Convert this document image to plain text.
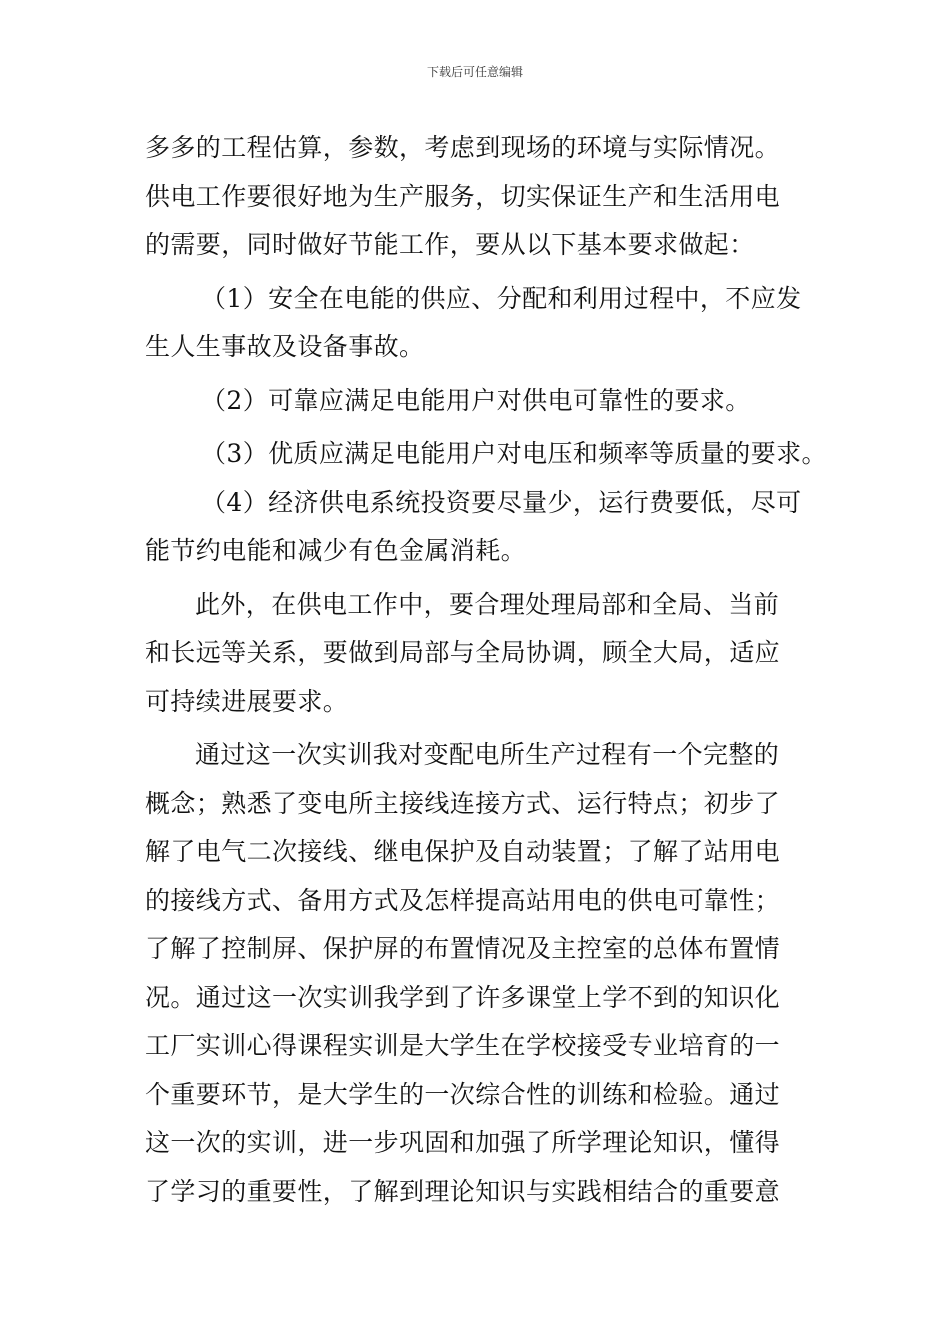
下载后可任意编辑
多多的工程估算，参数，考虑到现场的环境与实际情况。
供电工作要很好地为生产服务，切实保证生产和生活用电
的需要，同时做好节能工作，要从以下基本要求做起：
（1）安全在电能的供应、分配和利用过程中，不应发
生人生事故及设备事故。
（2）可靠应满足电能用户对供电可靠性的要求。
（3）优质应满足电能用户对电压和频率等质量的要求。
（4）经济供电系统投资要尽量少，运行费要低，尽可
能节约电能和减少有色金属消耗。
此外，在供电工作中，要合理处理局部和全局、当前
和长远等关系，要做到局部与全局协调，顾全大局，适应
可持续进展要求。
通过这一次实训我对变配电所生产过程有一个完整的
概念；熟悉了变电所主接线连接方式、运行特点；初步了
解了电气二次接线、继电保护及自动装置；了解了站用电
的接线方式、备用方式及怎样提高站用电的供电可靠性；
了解了控制屏、保护屏的布置情况及主控室的总体布置情
况。通过这一次实训我学到了许多课堂上学不到的知识化
工厂实训心得课程实训是大学生在学校接受专业培育的一
个重要环节，是大学生的一次综合性的训练和检验。通过
这一次的实训，进一步巩固和加强了所学理论知识，懂得
了学习的重要性，了解到理论知识与实践相结合的重要意
